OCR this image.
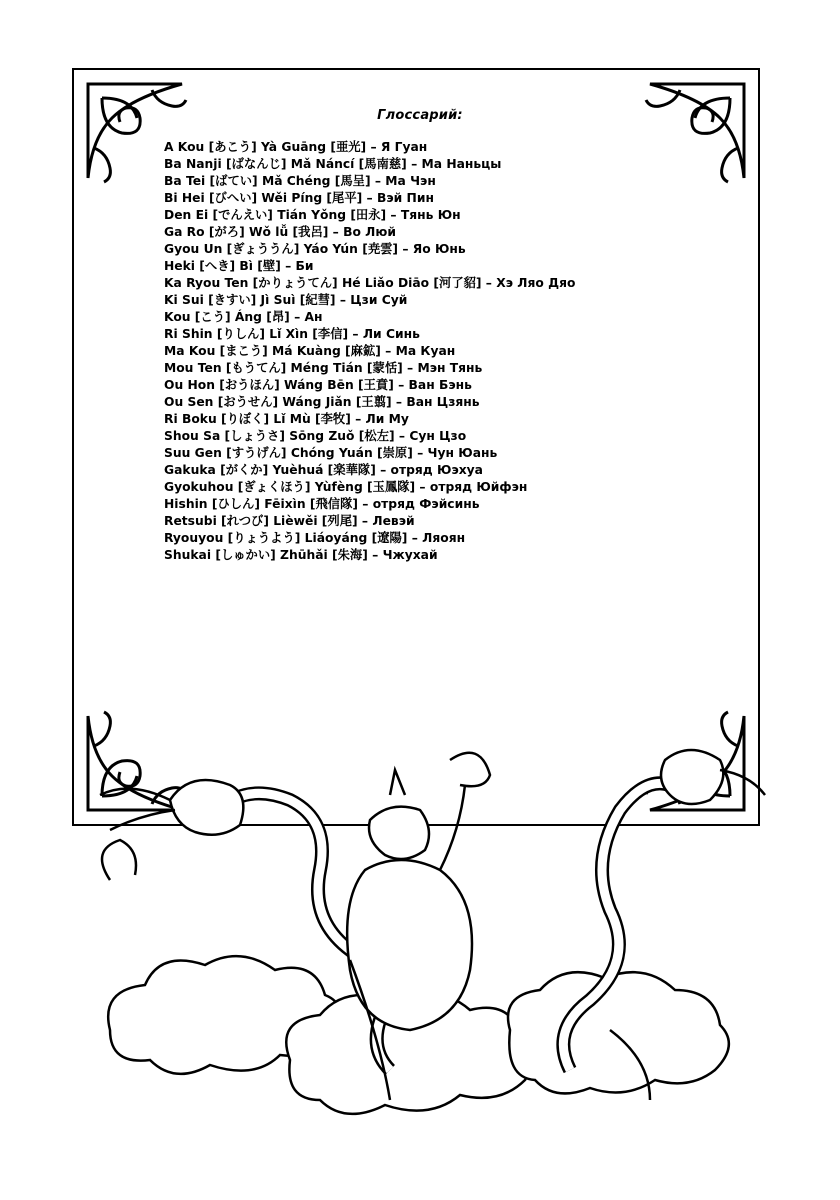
Глоссарий:
A Kou [あこう] Yà Guāng [亜光] – Я Гуан
Ba Nanji [ばなんじ] Mǎ Náncí [馬南慈] – Ма Наньцы
Ba Tei [ばてい] Mǎ Chéng [馬呈] – Ма Чэн
Bi Hei [びへい] Wěi Píng [尾平] – Вэй Пин
Den Ei [でんえい] Tián Yǒng [田永] – Тянь Юн
Ga Ro [がろ] Wǒ lǚ [我呂] – Во Люй
Gyou Un [ぎょううん] Yáo Yún [尭雲] – Яо Юнь
Heki [へき] Bì [壁] – Би
Ka Ryou Ten [かりょうてん] Hé Liǎo Diāo [河了貂] – Хэ Ляо Дяо
Ki Sui [きすい] Jì Suì [紀彗] – Цзи Суй
Kou [こう] Áng [昂] – Ан
Ri Shin [りしん] Lǐ Xìn [李信] – Ли Синь
Ma Kou [まこう] Má Kuàng [麻鉱] – Ма Куан
Mou Ten [もうてん] Méng Tián [蒙恬] – Мэн Тянь
Ou Hon [おうほん] Wáng Bēn [王賁] – Ван Бэнь
Ou Sen [おうせん] Wáng Jiǎn [王翦] – Ван Цзянь
Ri Boku [りぼく] Lǐ Mù [李牧] – Ли Му
Shou Sa [しょうさ] Sōng Zuǒ [松左] – Сун Цзо
Suu Gen [すうげん] Chóng Yuán [崇原] – Чун Юань
Gakuka [がくか] Yuèhuá [楽華隊] – отряд Юэхуа
Gyokuhou [ぎょくほう] Yùfèng [玉鳳隊] – отряд Юйфэн
Hishin [ひしん] Fēixìn [飛信隊] – отряд Фэйсинь
Retsubi [れつび] Lièwěi [列尾] – Левэй
Ryouyou [りょうよう] Liáoyáng [遼陽] – Ляоян
Shukai [しゅかい] Zhūhǎi [朱海] – Чжухай
